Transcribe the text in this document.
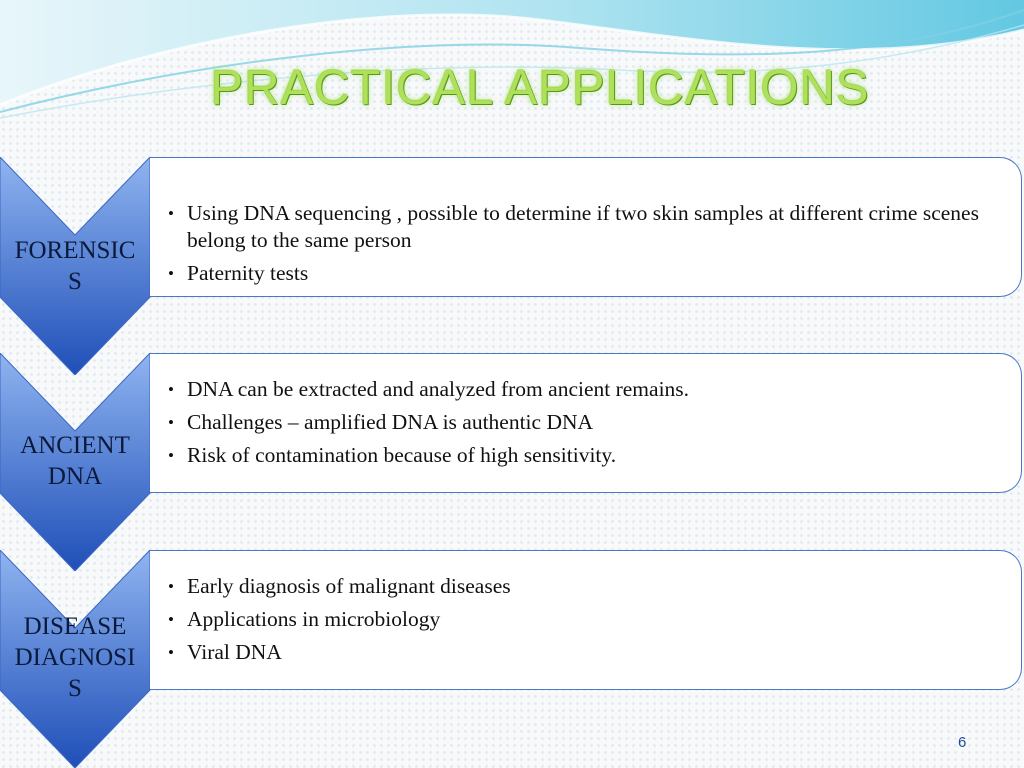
PRACTICAL APPLICATIONS
FORENSIC
S
• Using DNA sequencing , possible to determine if two skin samples at different crime scenes belong to the same person
• Paternity tests
ANCIENT
DNA
• DNA can be extracted and analyzed from ancient remains.
• Challenges – amplified DNA is authentic DNA
• Risk of contamination because of high sensitivity.
DISEASE
DIAGNOSI
S
• Early diagnosis of malignant diseases
• Applications in microbiology
• Viral DNA
6
